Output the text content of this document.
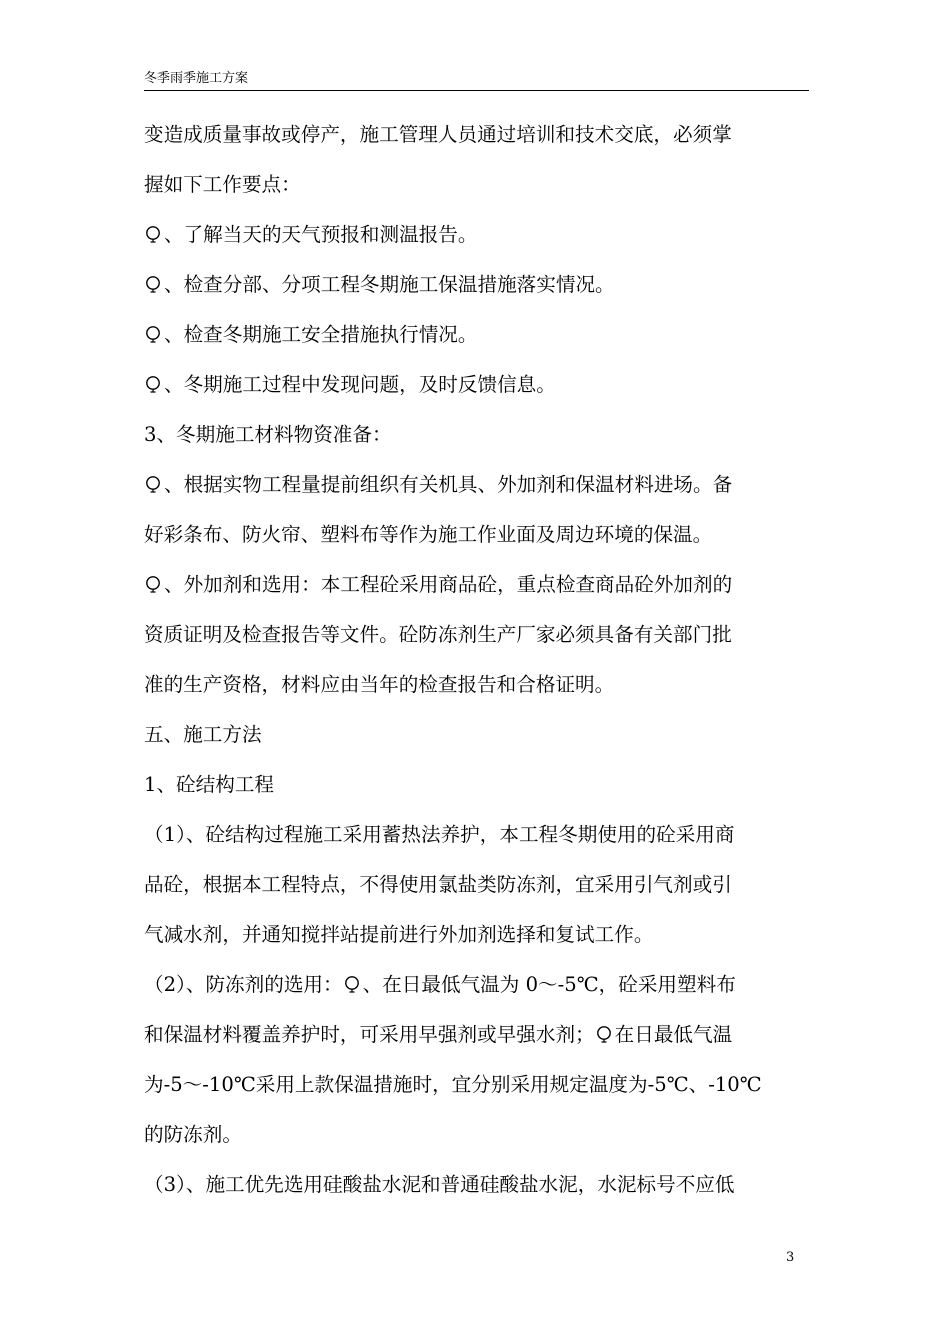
冬季雨季施工方案
变造成质量事故或停产，施工管理人员通过培训和技术交底，必须掌
握如下工作要点：
、了解当天的天气预报和测温报告。
、检查分部、分项工程冬期施工保温措施落实情况。
、检查冬期施工安全措施执行情况。
、冬期施工过程中发现问题，及时反馈信息。
3、冬期施工材料物资准备：
、根据实物工程量提前组织有关机具、外加剂和保温材料进场。备
好彩条布、防火帘、塑料布等作为施工作业面及周边环境的保温。
、外加剂和选用：本工程砼采用商品砼，重点检查商品砼外加剂的
资质证明及检查报告等文件。砼防冻剂生产厂家必须具备有关部门批
准的生产资格，材料应由当年的检查报告和合格证明。
五、施工方法
1、砼结构工程
（1）、砼结构过程施工采用蓄热法养护，本工程冬期使用的砼采用商
品砼，根据本工程特点，不得使用氯盐类防冻剂，宜采用引气剂或引
气减水剂，并通知搅拌站提前进行外加剂选择和复试工作。
（2）、防冻剂的选用： 、在日最低气温为 0～-5℃，砼采用塑料布
和保温材料覆盖养护时，可采用早强剂或早强水剂； 在日最低气温
为-5～-10℃采用上款保温措施时，宜分别采用规定温度为-5℃、-10℃
的防冻剂。
（3）、施工优先选用硅酸盐水泥和普通硅酸盐水泥，水泥标号不应低
3
